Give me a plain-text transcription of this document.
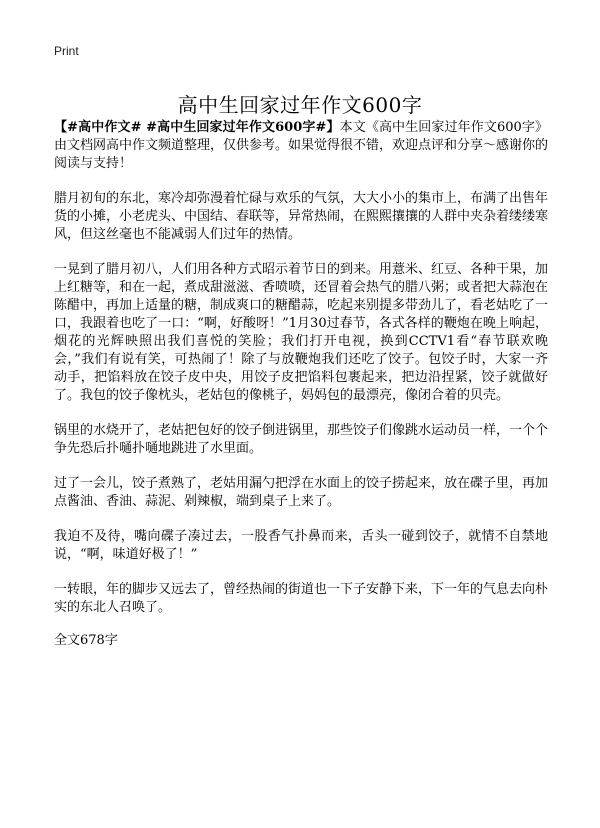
Print
高中生回家过年作文600字

【#高中作文# #高中生回家过年作文600字#】本文《高中生回家过年作文600字》由文档网高中作文频道整理，仅供参考。如果觉得很不错，欢迎点评和分享～感谢你的阅读与支持！

腊月初旬的东北，寒冷却弥漫着忙碌与欢乐的气氛，大大小小的集市上，布满了出售年货的小摊，小老虎头、中国结、春联等，异常热闹，在熙熙攘攘的人群中夹杂着缕缕寒风，但这丝毫也不能减弱人们过年的热情。

一晃到了腊月初八，人们用各种方式昭示着节日的到来。用薏米、红豆、各种干果，加上红糖等，和在一起，煮成甜滋滋、香喷喷，还冒着会热气的腊八粥；或者把大蒜泡在陈醋中，再加上适量的糖，制成爽口的糖醋蒜，吃起来别提多带劲儿了，看老姑吃了一口，我跟着也吃了一口：“啊，好酸呀！”1月30过春节，各式各样的鞭炮在晚上响起，烟花的光辉映照出我们喜悦的笑脸；我们打开电视，换到CCTV1看“春节联欢晚会，”我们有说有笑，可热闹了！除了与放鞭炮我们还吃了饺子。包饺子时，大家一齐动手，把馅料放在饺子皮中央，用饺子皮把馅料包裹起来，把边沿捏紧，饺子就做好了。我包的饺子像枕头，老姑包的像桃子，妈妈包的最漂亮，像闭合着的贝壳。

锅里的水烧开了，老姑把包好的饺子倒进锅里，那些饺子们像跳水运动员一样，一个个争先恐后扑嗵扑嗵地跳进了水里面。

过了一会儿，饺子煮熟了，老姑用漏勺把浮在水面上的饺子捞起来，放在碟子里，再加点酱油、香油、蒜泥、剁辣椒，端到桌子上来了。

我迫不及待，嘴向碟子凑过去，一股香气扑鼻而来，舌头一碰到饺子，就情不自禁地说，“啊，味道好极了！”

一转眼，年的脚步又远去了，曾经热闹的街道也一下子安静下来，下一年的气息去向朴实的东北人召唤了。

全文678字
